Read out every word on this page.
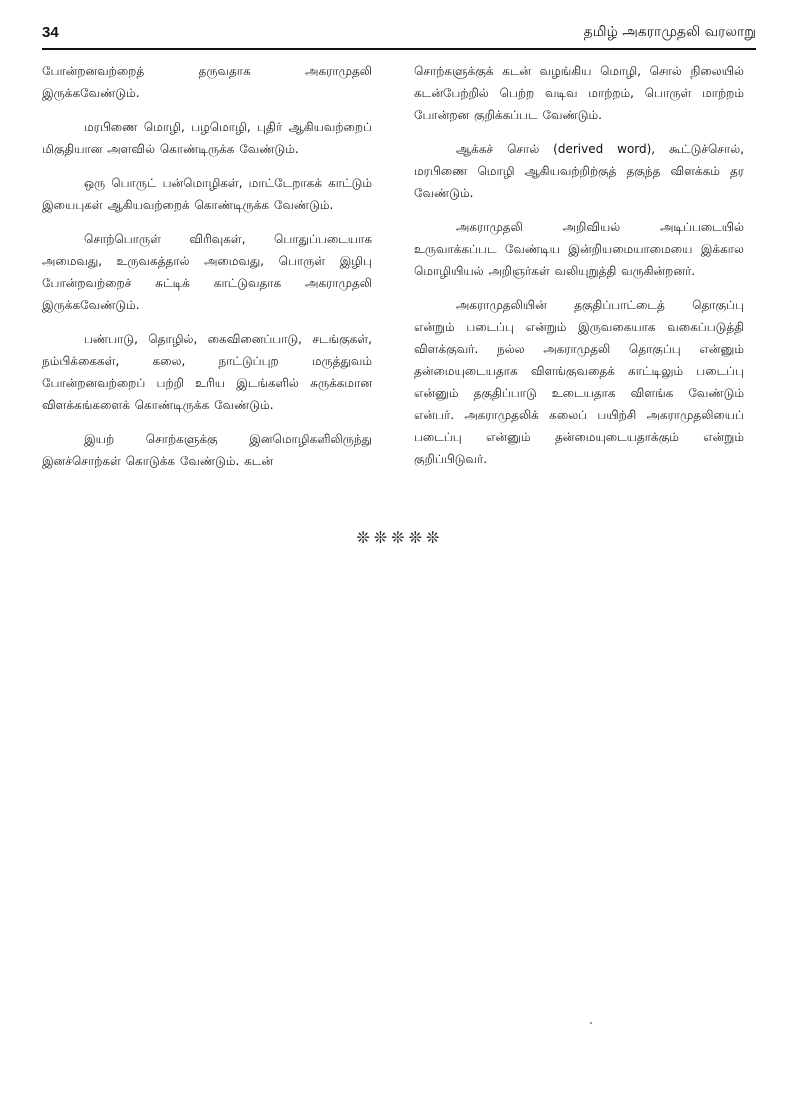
34	தமிழ் அகராமுதலி வரலாறு

போன்றனவற்றைத் தருவதாக அகராமுதலி இருக்கவேண்டும்.

மரபிணை மொழி, பழமொழி, புதிர் ஆகியவற்றைப் மிகுதியான அளவில் கொண்டிருக்க வேண்டும்.

ஒரு பொருட் பன்மொழிகள், மாட்டேறாகக் காட்டும் இயைபுகள் ஆகியவற்றைக் கொண்டிருக்க வேண்டும்.

சொற்பொருள் விரிவுகள், பொதுப்படையாக அமைவது, உருவகத்தால் அமைவது, பொருள் இழிபு போன்றவற்றைச் சுட்டிக் காட்டுவதாக அகராமுதலி இருக்கவேண்டும்.

பண்பாடு, தொழில், கைவினைப்பாடு, சடங்குகள், நம்பிக்கைகள், கலை, நாட்டுப்புற மருத்துவம் போன்றனவற்றைப் பற்றி உரிய இடங்களில் சுருக்கமான விளக்கங்களைக் கொண்டிருக்க வேண்டும்.

இயற் சொற்களுக்கு இனமொழிகளிலிருந்து இனச்சொற்கள் கொடுக்க வேண்டும். கடன்

சொற்களுக்குக் கடன் வழங்கிய மொழி, சொல் நிலையில் கடன்பேற்றில் பெற்ற வடிவ மாற்றம், பொருள் மாற்றம் போன்றன குறிக்கப்பட வேண்டும்.

ஆக்கச் சொல் (derived word), கூட்டுச்சொல், மரபிணை மொழி ஆகியவற்றிற்குத் தகுந்த விளக்கம் தர வேண்டும்.

அகராமுதலி அறிவியல் அடிப்படையில் உருவாக்கப்பட வேண்டிய இன்றியமையாமையை இக்கால மொழியியல் அறிஞர்கள் வலியுறுத்தி வருகின்றனர்.

அகராமுதலியின் தகுதிப்பாட்டைத் தொகுப்பு என்றும் படைப்பு என்றும் இருவகையாக வகைப்படுத்தி விளக்குவர். நல்ல அகராமுதலி தொகுப்பு என்னும் தன்மையுடையதாக விளங்குவதைக் காட்டிலும் படைப்பு என்னும் தகுதிப்பாடு உடையதாக விளங்க வேண்டும் என்பர். அகராமுதலிக் கலைப் பயிற்சி அகராமுதலியைப் படைப்பு என்னும் தன்மையுடையதாக்கும் என்றும் குறிப்பிடுவர்.

❊❊❊❊❊
